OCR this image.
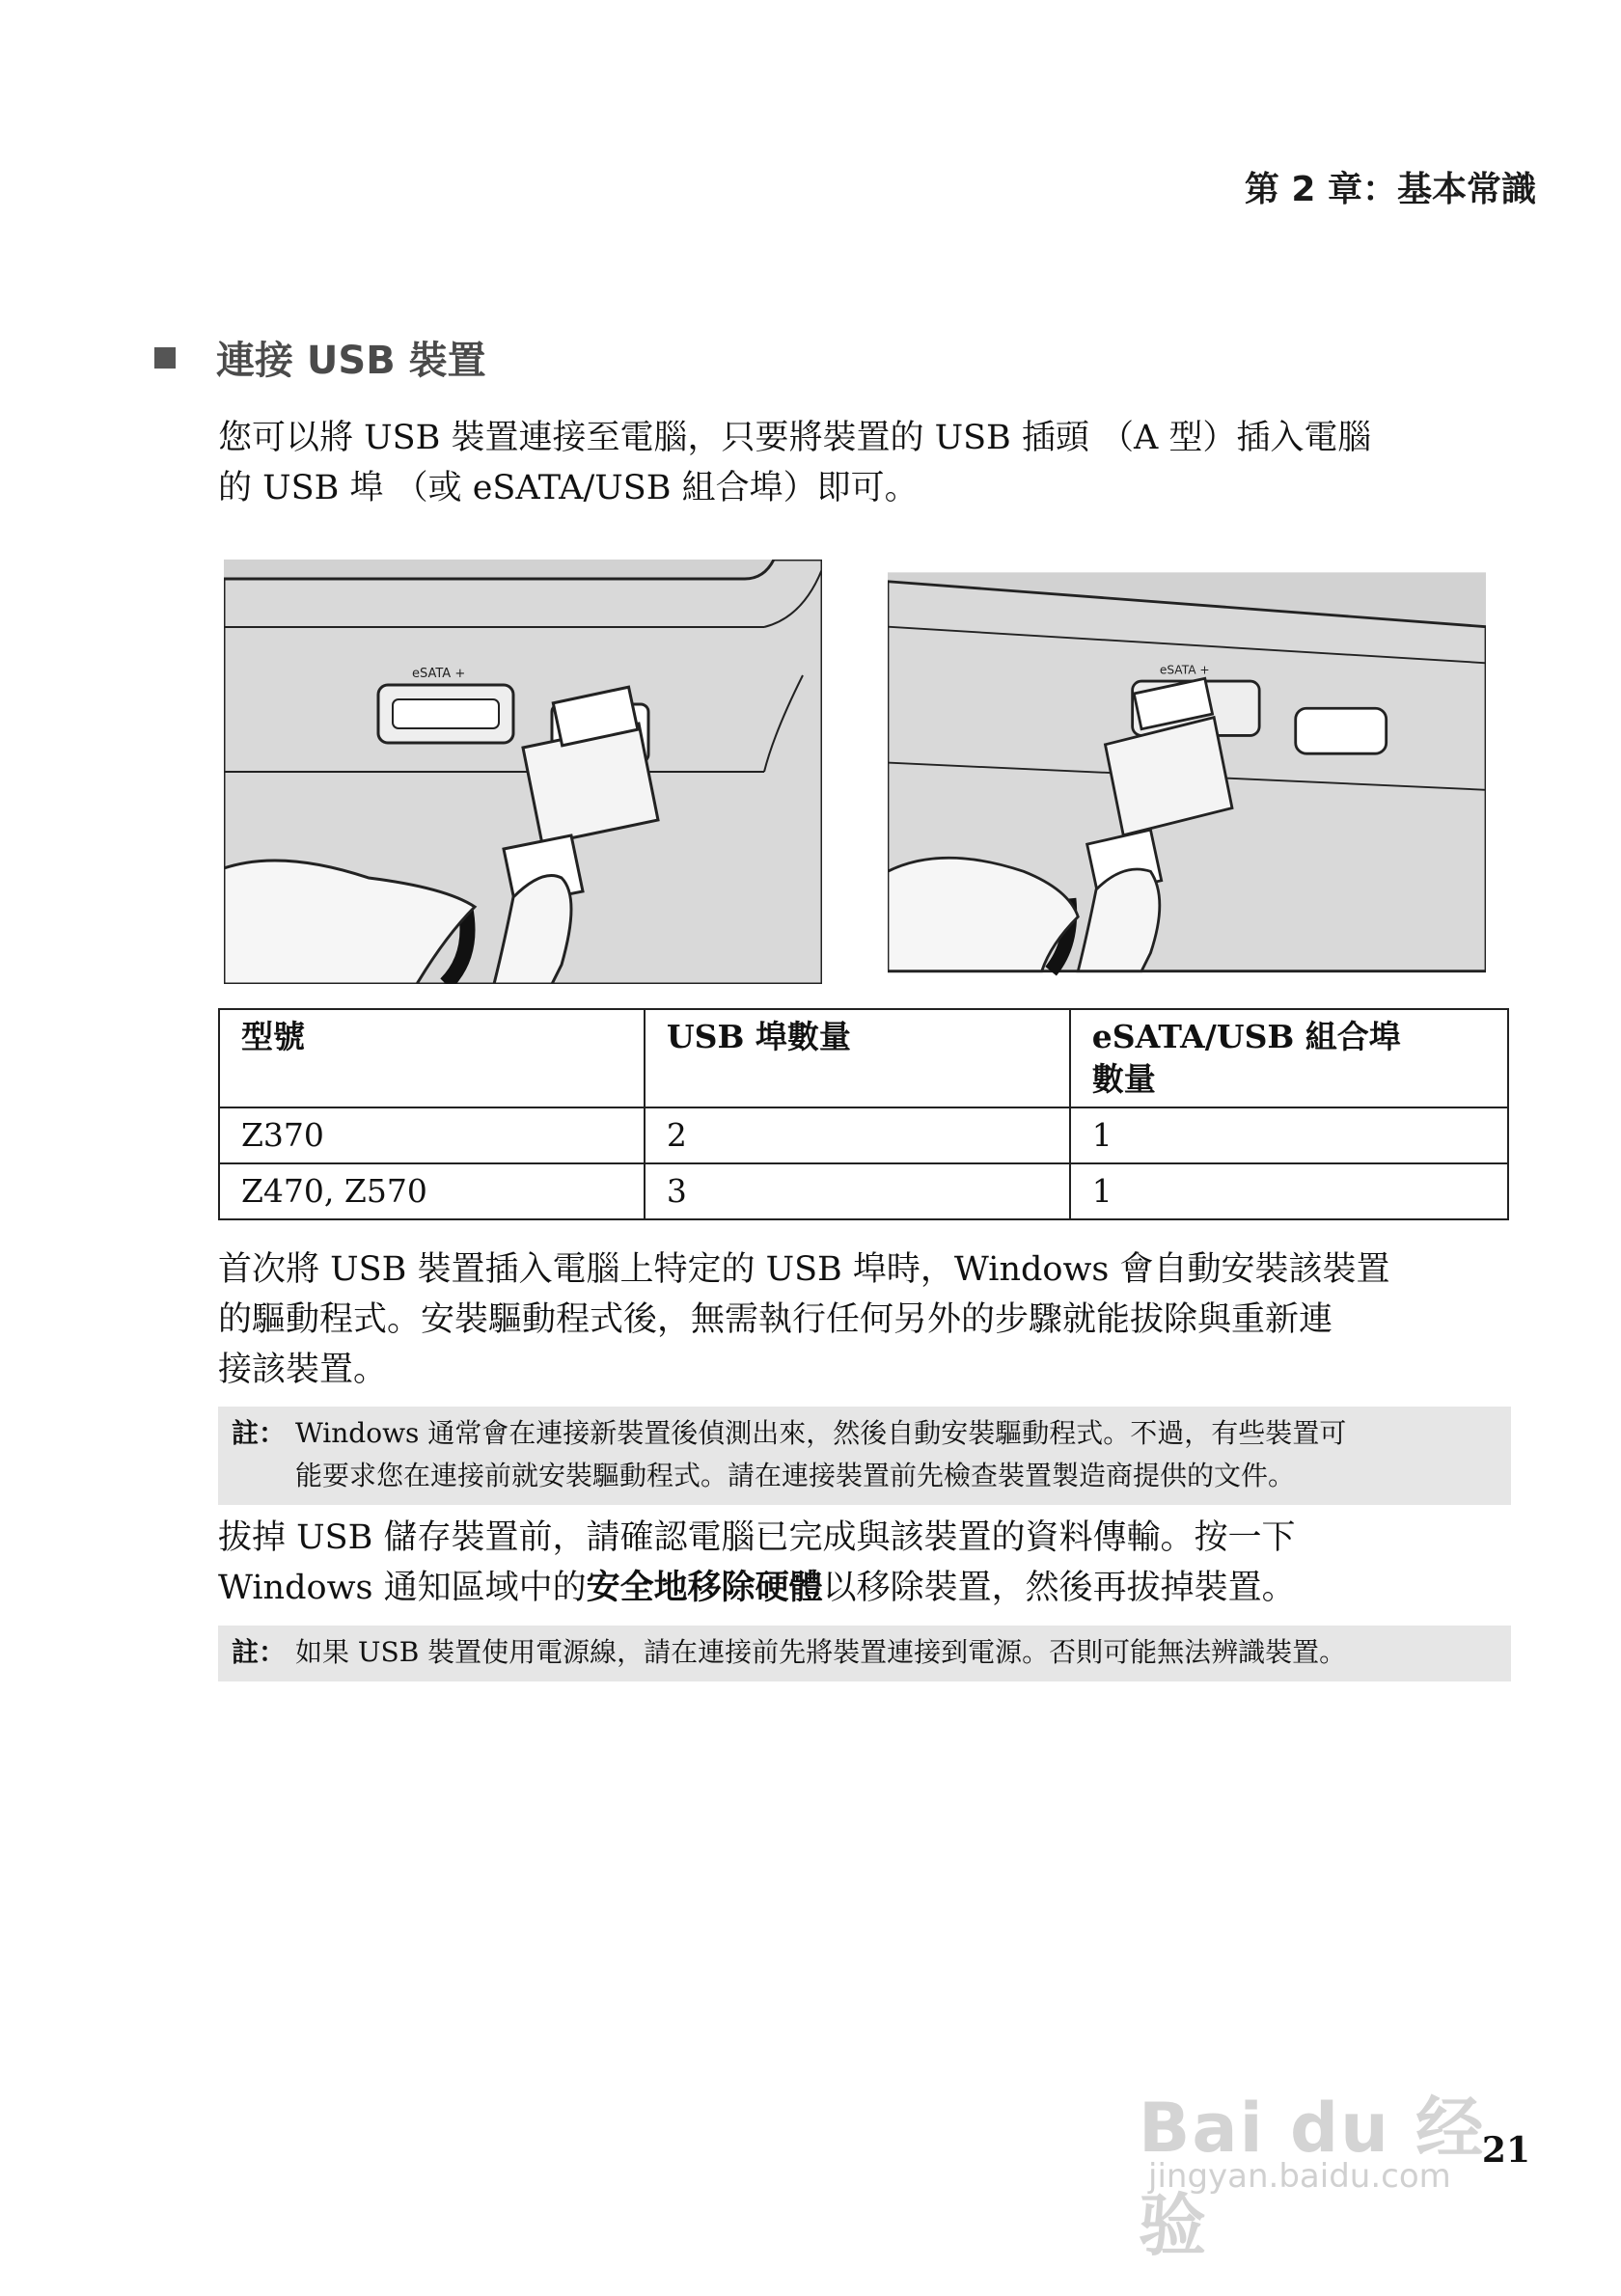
第 2 章：基本常識
連接 USB 裝置

您可以將 USB 裝置連接至電腦，只要將裝置的 USB 插頭 （A 型）插入電腦

的 USB 埠 （或 eSATA/USB 組合埠）即可。

eSATA +	eSATA +
型號	USB 埠數量	eSATA/USB 組合埠
數量

Z370	2	1
Z470, Z570	3	1

首次將 USB 裝置插入電腦上特定的 USB 埠時，Windows 會自動安裝該裝置

的驅動程式。安裝驅動程式後，無需執行任何另外的步驟就能拔除與重新連

接該裝置。

註： Windows 通常會在連接新裝置後偵測出來，然後自動安裝驅動程式。不過，有些裝置可
能要求您在連接前就安裝驅動程式。請在連接裝置前先檢查裝置製造商提供的文件。

拔掉 USB 儲存裝置前，請確認電腦已完成與該裝置的資料傳輸。按一下

Windows 通知區域中的安全地移除硬體以移除裝置，然後再拔掉裝置。

註： 如果 USB 裝置使用電源線，請在連接前先將裝置連接到電源。否則可能無法辨識裝置。
Bai du 经验
jingyan.baidu.com
21
